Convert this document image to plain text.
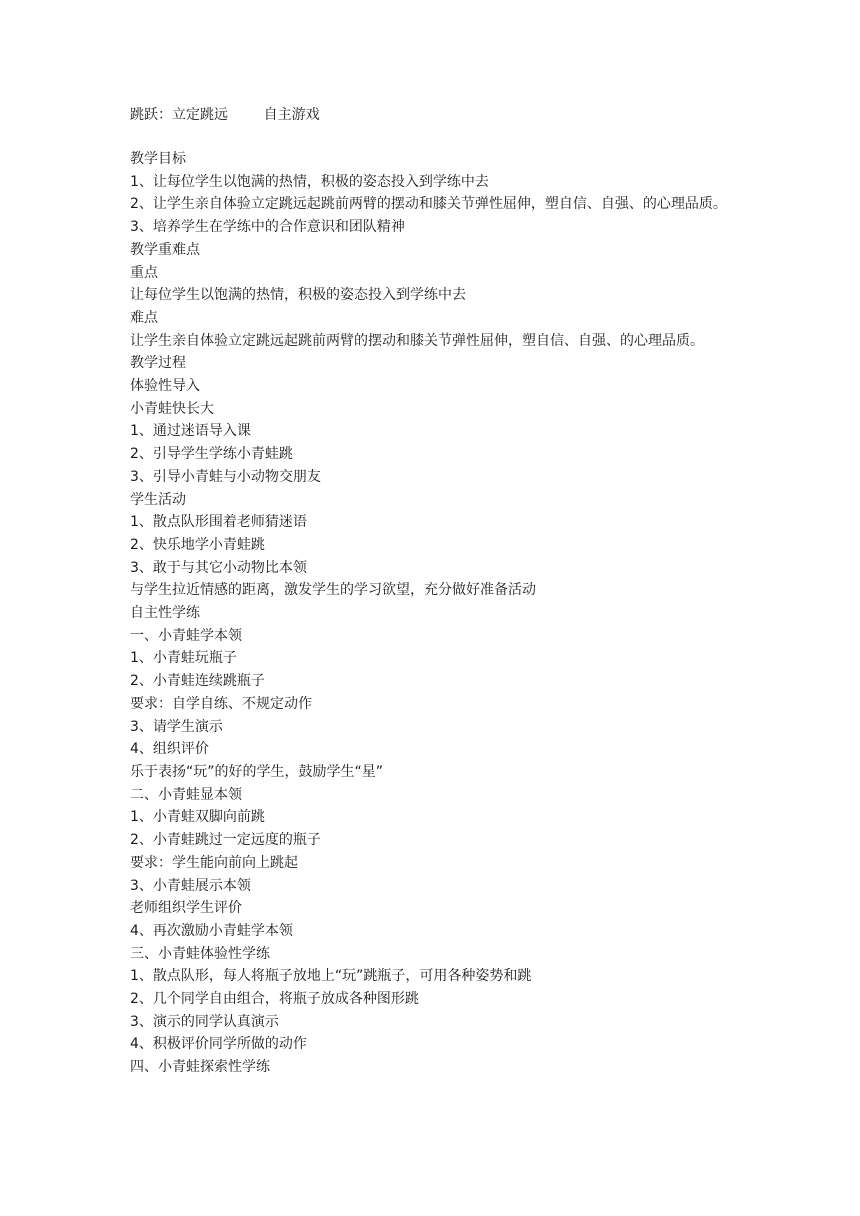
跳跃：立定跳远        自主游戏
教学目标
1、让每位学生以饱满的热情，积极的姿态投入到学练中去
2、让学生亲自体验立定跳远起跳前两臂的摆动和膝关节弹性屈伸，塑自信、自强、的心理品质。
3、培养学生在学练中的合作意识和团队精神
教学重难点
重点
让每位学生以饱满的热情，积极的姿态投入到学练中去
难点
让学生亲自体验立定跳远起跳前两臂的摆动和膝关节弹性屈伸，塑自信、自强、的心理品质。
教学过程
体验性导入
小青蛙快长大
1、通过迷语导入课
2、引导学生学练小青蛙跳
3、引导小青蛙与小动物交朋友
学生活动
1、散点队形围着老师猜迷语
2、快乐地学小青蛙跳
3、敢于与其它小动物比本领
与学生拉近情感的距离，激发学生的学习欲望，充分做好准备活动
自主性学练
一、小青蛙学本领
1、小青蛙玩瓶子
2、小青蛙连续跳瓶子
要求：自学自练、不规定动作
3、请学生演示
4、组织评价
乐于表扬“玩”的好的学生，鼓励学生“星”
二、小青蛙显本领
1、小青蛙双脚向前跳
2、小青蛙跳过一定远度的瓶子
要求：学生能向前向上跳起
3、小青蛙展示本领
老师组织学生评价
4、再次激励小青蛙学本领
三、小青蛙体验性学练
1、散点队形，每人将瓶子放地上“玩”跳瓶子，可用各种姿势和跳
2、几个同学自由组合，将瓶子放成各种图形跳
3、演示的同学认真演示
4、积极评价同学所做的动作
四、小青蛙探索性学练
